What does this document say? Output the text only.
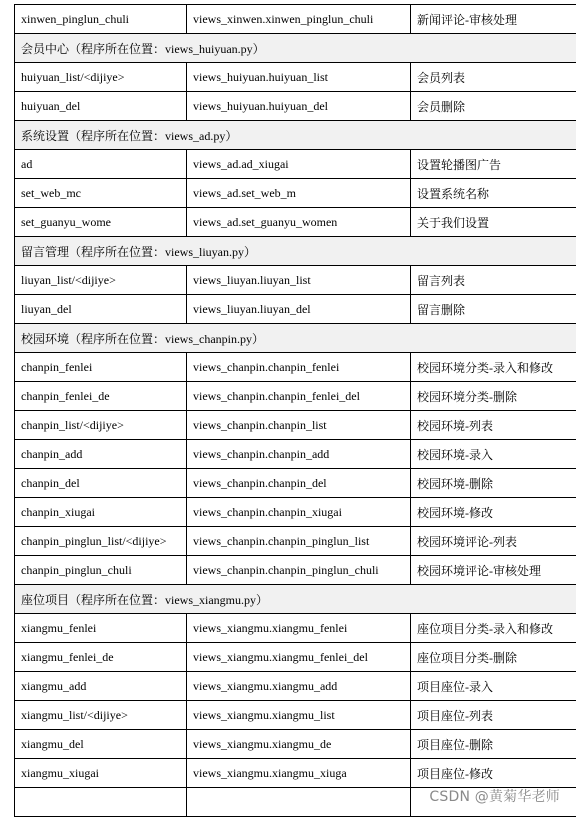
xinwen_pinglun_chuli	views_xinwen.xinwen_pinglun_chuli	新闻评论-审核处理
会员中心（程序所在位置：views_huiyuan.py）		
huiyuan_list/<dijiye>	views_huiyuan.huiyuan_list	会员列表
huiyuan_del	views_huiyuan.huiyuan_del	会员删除
系统设置（程序所在位置：views_ad.py）		
ad	views_ad.ad_xiugai	设置轮播图广告
set_web_mc	views_ad.set_web_m	设置系统名称
set_guanyu_wome	views_ad.set_guanyu_women	关于我们设置
留言管理（程序所在位置：views_liuyan.py）		
liuyan_list/<dijiye>	views_liuyan.liuyan_list	留言列表
liuyan_del	views_liuyan.liuyan_del	留言删除
校园环境（程序所在位置：views_chanpin.py）		
chanpin_fenlei	views_chanpin.chanpin_fenlei	校园环境分类-录入和修改
chanpin_fenlei_de	views_chanpin.chanpin_fenlei_del	校园环境分类-删除
chanpin_list/<dijiye>	views_chanpin.chanpin_list	校园环境-列表
chanpin_add	views_chanpin.chanpin_add	校园环境-录入
chanpin_del	views_chanpin.chanpin_del	校园环境-删除
chanpin_xiugai	views_chanpin.chanpin_xiugai	校园环境-修改
chanpin_pinglun_list/<dijiye>	views_chanpin.chanpin_pinglun_list	校园环境评论-列表
chanpin_pinglun_chuli	views_chanpin.chanpin_pinglun_chuli	校园环境评论-审核处理
座位项目（程序所在位置：views_xiangmu.py）		
xiangmu_fenlei	views_xiangmu.xiangmu_fenlei	座位项目分类-录入和修改
xiangmu_fenlei_de	views_xiangmu.xiangmu_fenlei_del	座位项目分类-删除
xiangmu_add	views_xiangmu.xiangmu_add	项目座位-录入
xiangmu_list/<dijiye>	views_xiangmu.xiangmu_list	项目座位-列表
xiangmu_del	views_xiangmu.xiangmu_de	项目座位-删除
xiangmu_xiugai	views_xiangmu.xiangmu_xiuga	项目座位-修改

CSDN @黄菊华老师
